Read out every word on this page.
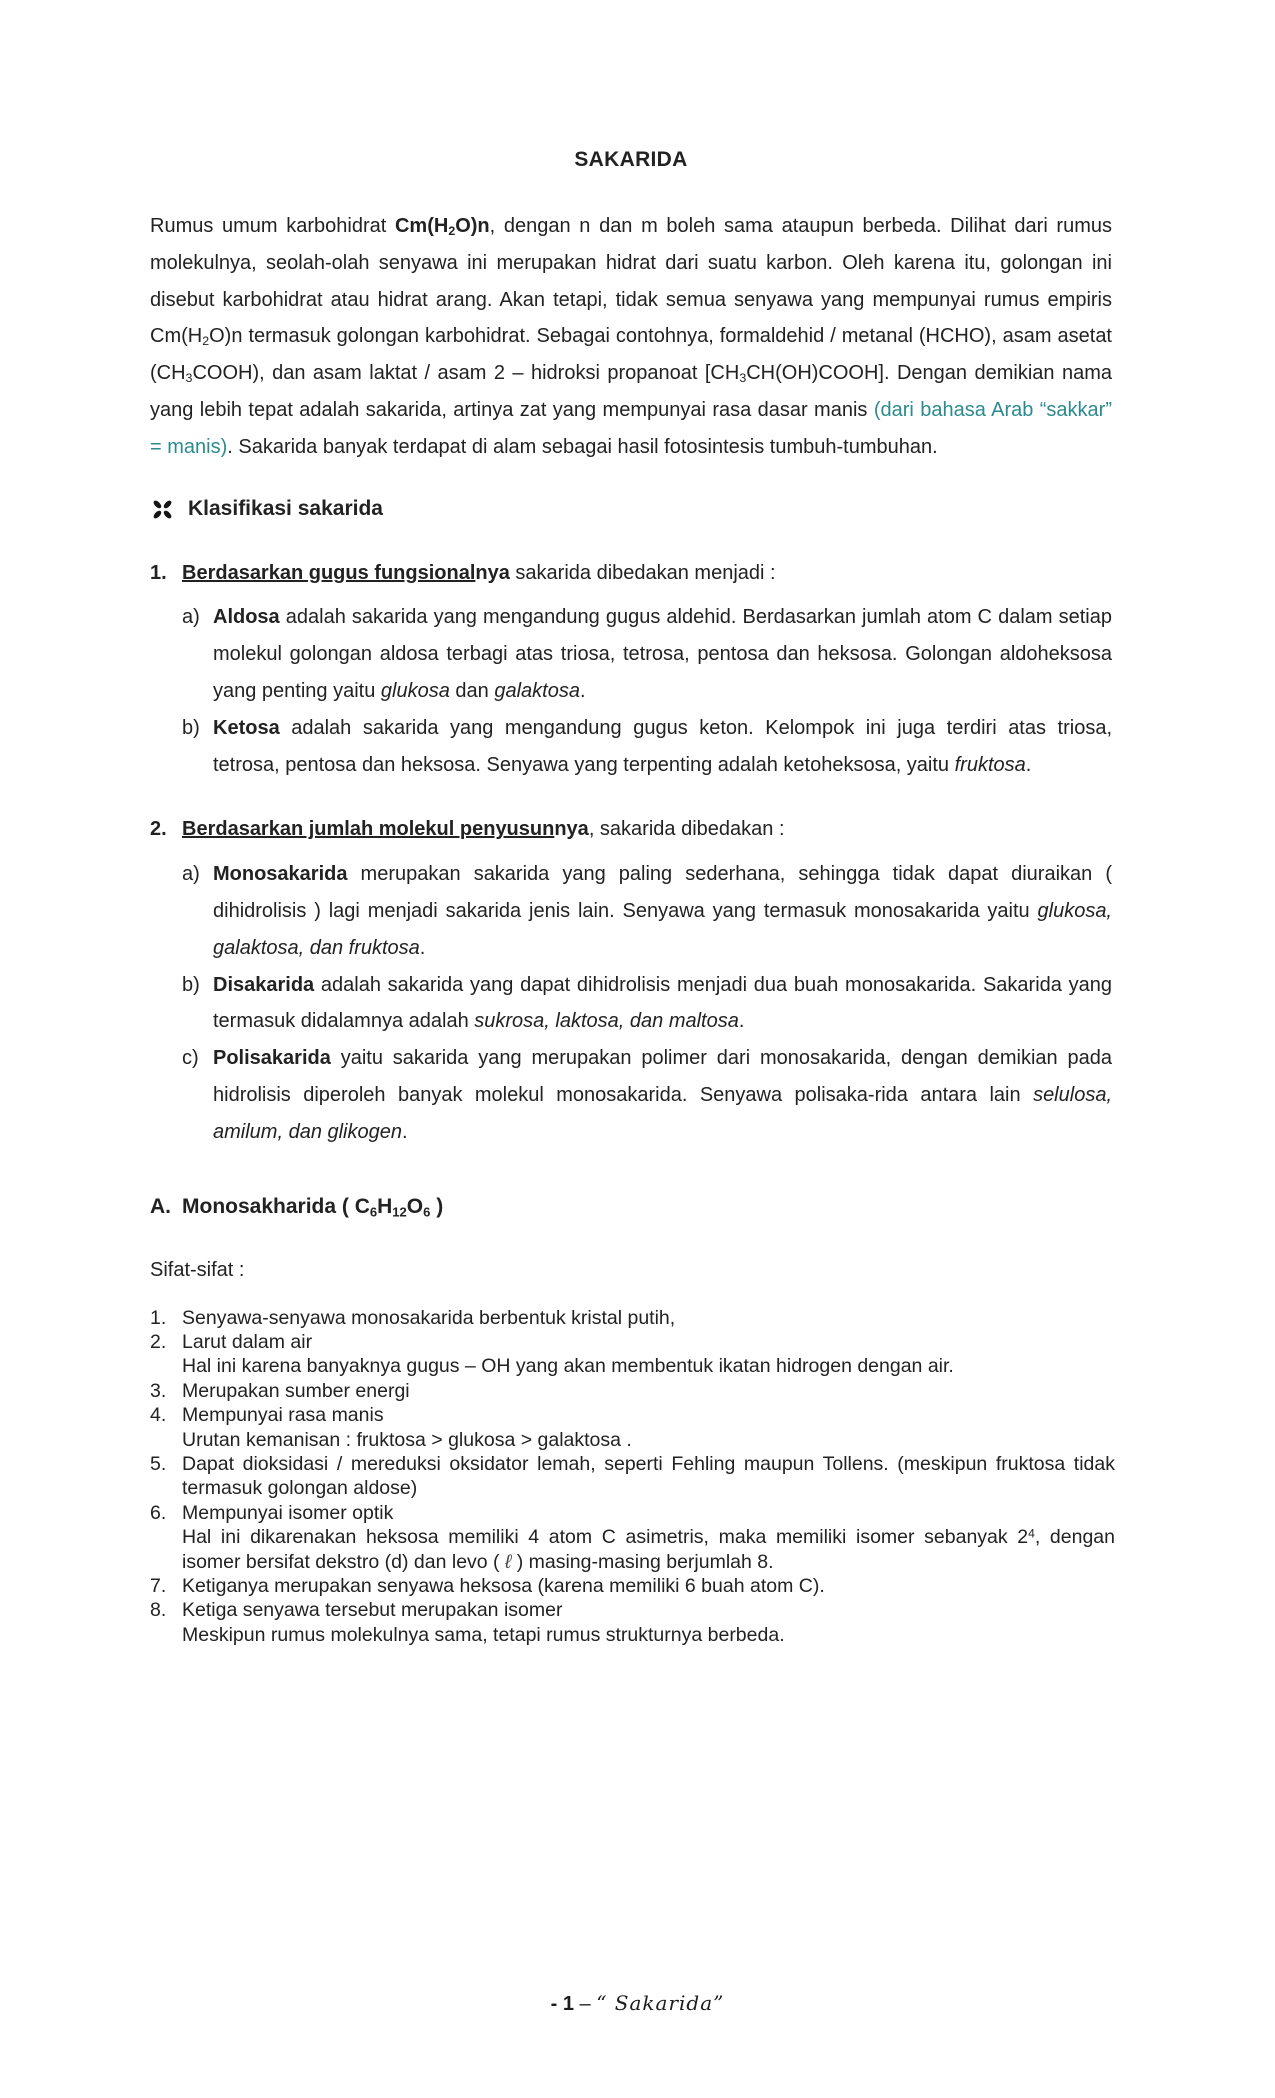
SAKARIDA

Rumus umum karbohidrat $Cm(H_2O)n$, dengan n dan m boleh sama ataupun berbeda. Dilihat dari rumus molekulnya, seolah-olah senyawa ini merupakan hidrat dari suatu karbon. Oleh karena itu, golongan ini disebut karbohidrat atau hidrat arang. Akan tetapi, tidak semua senyawa yang mempunyai rumus empiris $Cm(H_2O)n$ termasuk golongan karbohidrat. Sebagai contohnya, formaldehid / metanal (HCHO), asam asetat $(CH_3COOH)$, dan asam laktat / asam 2 – hidroksi propanoat $[CH_3CH(OH)COOH]$. Dengan demikian nama yang lebih tepat adalah sakarida, artinya zat yang mempunyai rasa dasar manis (dari bahasa Arab “sakkar” = manis). Sakarida banyak terdapat di alam sebagai hasil fotosintesis tumbuh-tumbuhan.

Klasifikasi sakarida
1. Berdasarkan gugus fungsionalnya sakarida dibedakan menjadi :
a) Aldosa adalah sakarida yang mengandung gugus aldehid. Berdasarkan jumlah atom C dalam setiap molekul golongan aldosa terbagi atas triosa, tetrosa, pentosa dan heksosa. Golongan aldoheksosa yang penting yaitu glukosa dan galaktosa.
b) Ketosa adalah sakarida yang mengandung gugus keton. Kelompok ini juga terdiri atas triosa, tetrosa, pentosa dan heksosa. Senyawa yang terpenting adalah ketoheksosa, yaitu fruktosa.
2. Berdasarkan jumlah molekul penyusunnya, sakarida dibedakan :
a) Monosakarida merupakan sakarida yang paling sederhana, sehingga tidak dapat diuraikan ( dihidrolisis ) lagi menjadi sakarida jenis lain. Senyawa yang termasuk monosakarida yaitu glukosa, galaktosa, dan fruktosa.
b) Disakarida adalah sakarida yang dapat dihidrolisis menjadi dua buah monosakarida. Sakarida yang termasuk didalamnya adalah sukrosa, laktosa, dan maltosa.
c) Polisakarida yaitu sakarida yang merupakan polimer dari monosakarida, dengan demikian pada hidrolisis diperoleh banyak molekul monosakarida. Senyawa polisaka-rida antara lain selulosa, amilum, dan glikogen.
A. Monosakharida ( $C_6H_{12}O_6$ )

Sifat-sifat :

1. Senyawa-senyawa monosakarida berbentuk kristal putih,
2. Larut dalam air
Hal ini karena banyaknya gugus – OH yang akan membentuk ikatan hidrogen dengan air.
3. Merupakan sumber energi
4. Mempunyai rasa manis
Urutan kemanisan : fruktosa > glukosa > galaktosa .
5. Dapat dioksidasi / mereduksi oksidator lemah, seperti Fehling maupun Tollens. (meskipun fruktosa tidak termasuk golongan aldose)
6. Mempunyai isomer optik
Hal ini dikarenakan heksosa memiliki 4 atom C asimetris, maka memiliki isomer sebanyak $2^4$, dengan isomer bersifat dekstro (d) dan levo ( ℓ ) masing-masing berjumlah 8.
7. Ketiganya merupakan senyawa heksosa (karena memiliki 6 buah atom C).
8. Ketiga senyawa tersebut merupakan isomer
Meskipun rumus molekulnya sama, tetapi rumus strukturnya berbeda.
- 1 – “ Sakarida”
